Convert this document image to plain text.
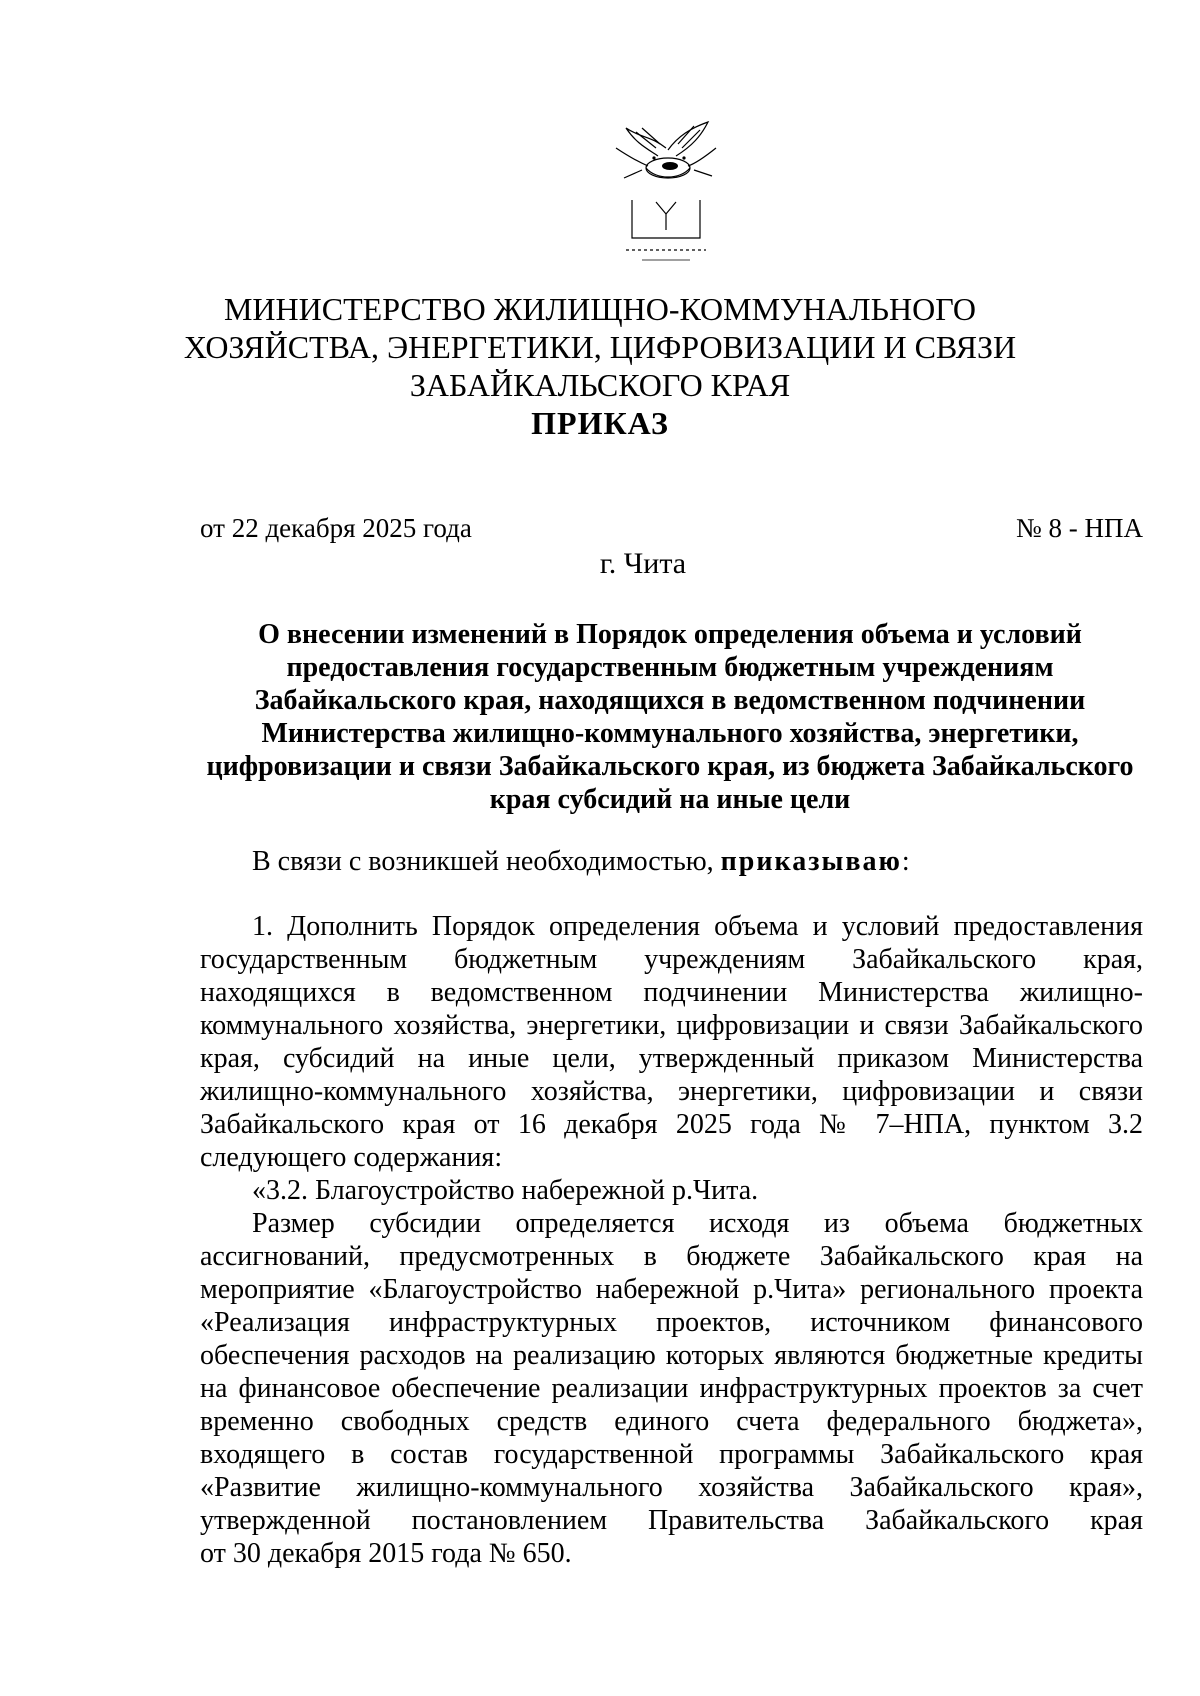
МИНИСТЕРСТВО ЖИЛИЩНО-КОММУНАЛЬНОГО
ХОЗЯЙСТВА, ЭНЕРГЕТИКИ, ЦИФРОВИЗАЦИИ И СВЯЗИ
ЗАБАЙКАЛЬСКОГО КРАЯ
ПРИКАЗ
от 22 декабря 2025 года	№ 8 - НПА
г. Чита
О внесении изменений в Порядок определения объема и условий
предоставления государственным бюджетным учреждениям
Забайкальского края, находящихся в ведомственном подчинении
Министерства жилищно-коммунального хозяйства, энергетики,
цифровизации и связи Забайкальского края, из бюджета Забайкальского
края субсидий на иные цели
В связи с возникшей необходимостью, приказываю:
1. Дополнить Порядок определения объема и условий предоставления
государственным бюджетным учреждениям Забайкальского края,
находящихся в ведомственном подчинении Министерства жилищно-
коммунального хозяйства, энергетики, цифровизации и связи Забайкальского
края, субсидий на иные цели, утвержденный приказом Министерства
жилищно-коммунального хозяйства, энергетики, цифровизации и связи
Забайкальского края от 16 декабря 2025 года № 7–НПА, пунктом 3.2
следующего содержания:
«3.2. Благоустройство набережной р.Чита.
Размер субсидии определяется исходя из объема бюджетных
ассигнований, предусмотренных в бюджете Забайкальского края на
мероприятие «Благоустройство набережной р.Чита» регионального проекта
«Реализация инфраструктурных проектов, источником финансового
обеспечения расходов на реализацию которых являются бюджетные кредиты
на финансовое обеспечение реализации инфраструктурных проектов за счет
временно свободных средств единого счета федерального бюджета»,
входящего в состав государственной программы Забайкальского края
«Развитие жилищно-коммунального хозяйства Забайкальского края»,
утвержденной постановлением Правительства Забайкальского края
от 30 декабря 2015 года № 650.
